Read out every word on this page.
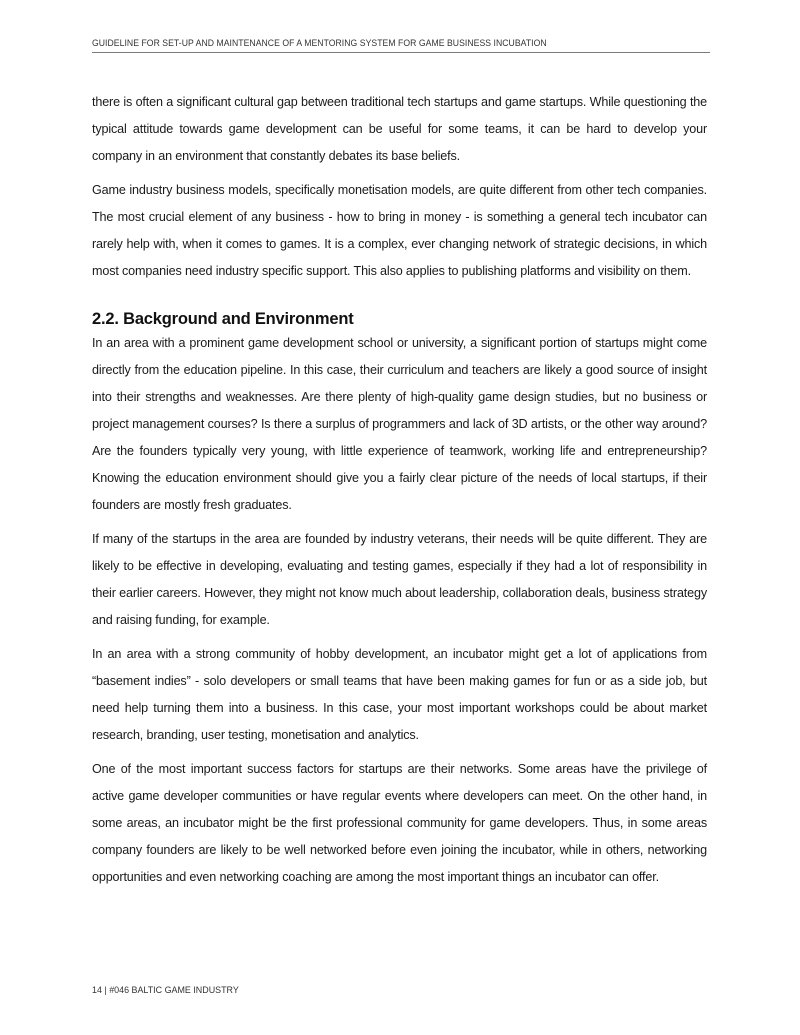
GUIDELINE FOR SET-UP AND MAINTENANCE OF A MENTORING SYSTEM FOR GAME BUSINESS INCUBATION

there is often a significant cultural gap between traditional tech startups and game startups. While questioning the typical attitude towards game development can be useful for some teams, it can be hard to develop your company in an environment that constantly debates its base beliefs.

Game industry business models, specifically monetisation models, are quite different from other tech companies. The most crucial element of any business - how to bring in money - is something a general tech incubator can rarely help with, when it comes to games. It is a complex, ever changing network of strategic decisions, in which most companies need industry specific support. This also applies to publishing platforms and visibility on them.

2.2. Background and Environment

In an area with a prominent game development school or university, a significant portion of startups might come directly from the education pipeline. In this case, their curriculum and teachers are likely a good source of insight into their strengths and weaknesses. Are there plenty of high-quality game design studies, but no business or project management courses? Is there a surplus of programmers and lack of 3D artists, or the other way around? Are the founders typically very young, with little experience of teamwork, working life and entrepreneurship? Knowing the education environment should give you a fairly clear picture of the needs of local startups, if their founders are mostly fresh graduates.

If many of the startups in the area are founded by industry veterans, their needs will be quite different. They are likely to be effective in developing, evaluating and testing games, especially if they had a lot of responsibility in their earlier careers. However, they might not know much about leadership, collaboration deals, business strategy and raising funding, for example.

In an area with a strong community of hobby development, an incubator might get a lot of applications from “basement indies” - solo developers or small teams that have been making games for fun or as a side job, but need help turning them into a business. In this case, your most important workshops could be about market research, branding, user testing, monetisation and analytics.

One of the most important success factors for startups are their networks. Some areas have the privilege of active game developer communities or have regular events where developers can meet. On the other hand, in some areas, an incubator might be the first professional community for game developers. Thus, in some areas company founders are likely to be well networked before even joining the incubator, while in others, networking opportunities and even networking coaching are among the most important things an incubator can offer.

14 | #046 BALTIC GAME INDUSTRY
